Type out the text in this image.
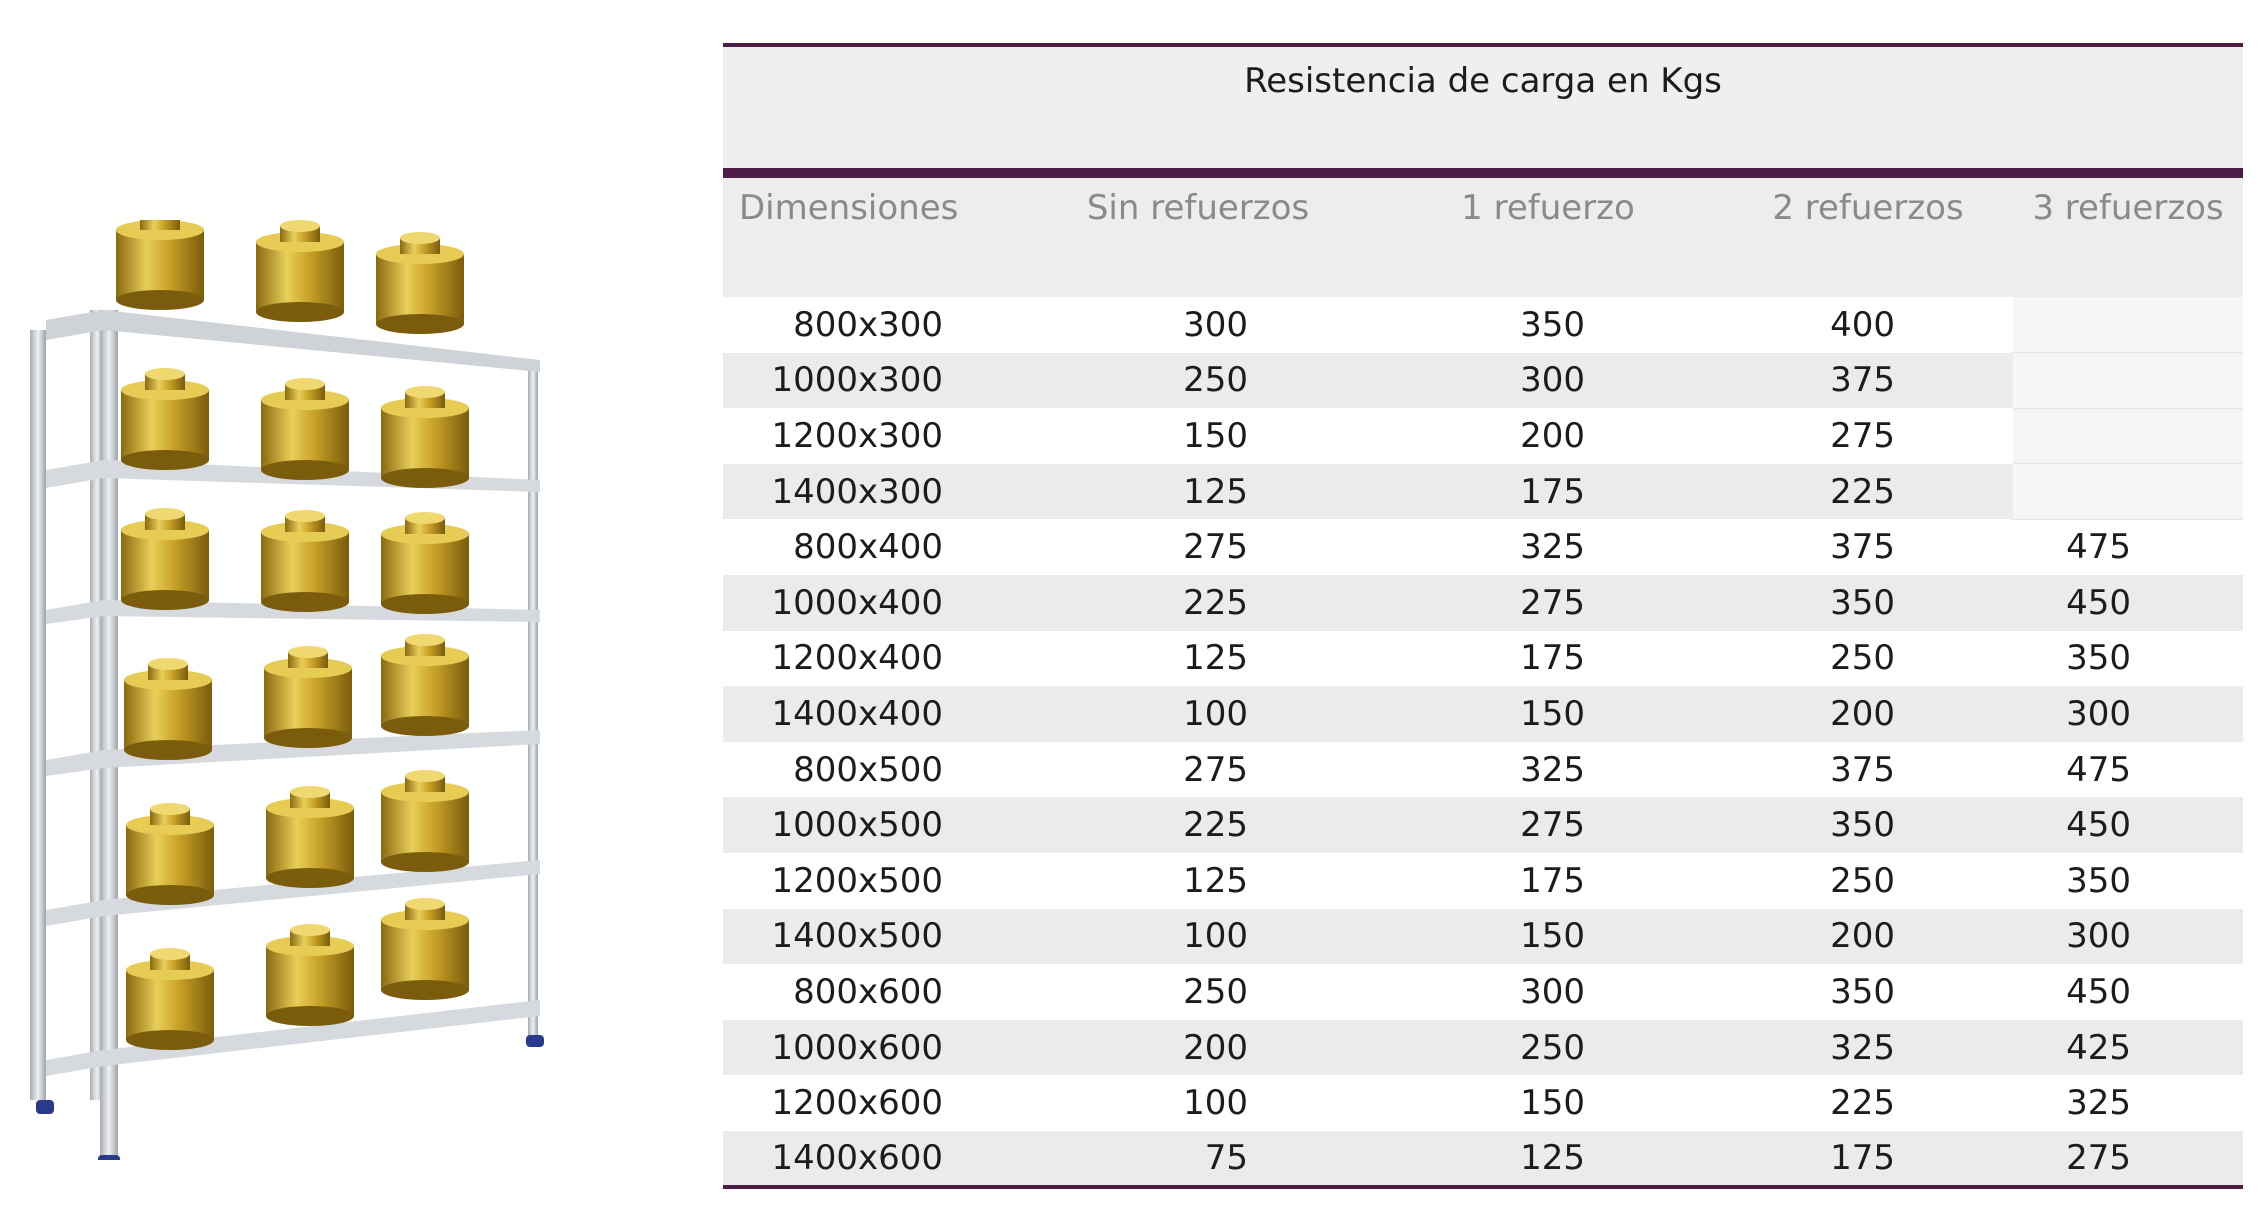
Resistencia de carga en Kgs				
Dimensiones	Sin refuerzos	1 refuerzo	2 refuerzos	3 refuerzos
800x300	300	350	400	
1000x300	250	300	375	
1200x300	150	200	275	
1400x300	125	175	225	
800x400	275	325	375	475
1000x400	225	275	350	450
1200x400	125	175	250	350
1400x400	100	150	200	300
800x500	275	325	375	475
1000x500	225	275	350	450
1200x500	125	175	250	350
1400x500	100	150	200	300
800x600	250	300	350	450
1000x600	200	250	325	425
1200x600	100	150	225	325
1400x600	75	125	175	275
